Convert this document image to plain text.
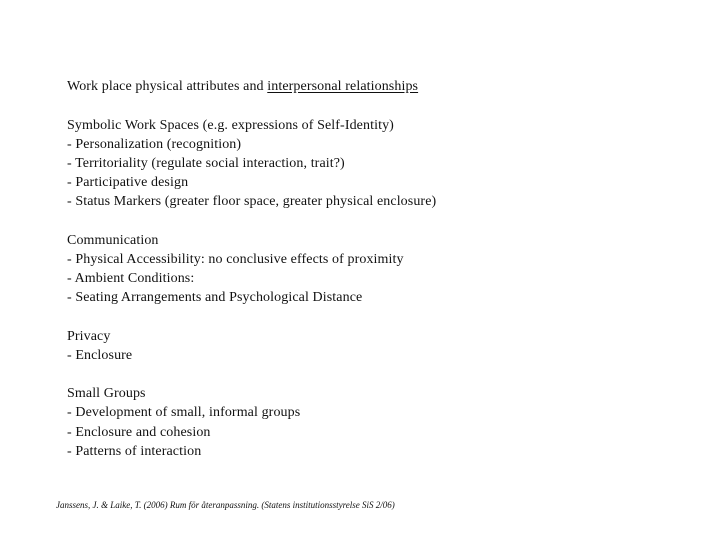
Work place physical attributes and interpersonal relationships
Symbolic Work Spaces (e.g. expressions of Self-Identity)
- Personalization (recognition)
- Territoriality (regulate social interaction, trait?)
- Participative design
- Status Markers (greater floor space, greater physical enclosure)
Communication
- Physical Accessibility: no conclusive effects of proximity
- Ambient Conditions:
- Seating Arrangements and Psychological Distance
Privacy
- Enclosure
Small Groups
- Development of small, informal groups
- Enclosure and cohesion
- Patterns of interaction
Janssens, J. & Laike, T. (2006) Rum för återanpassning. (Statens institutionsstyrelse SiS 2/06)
